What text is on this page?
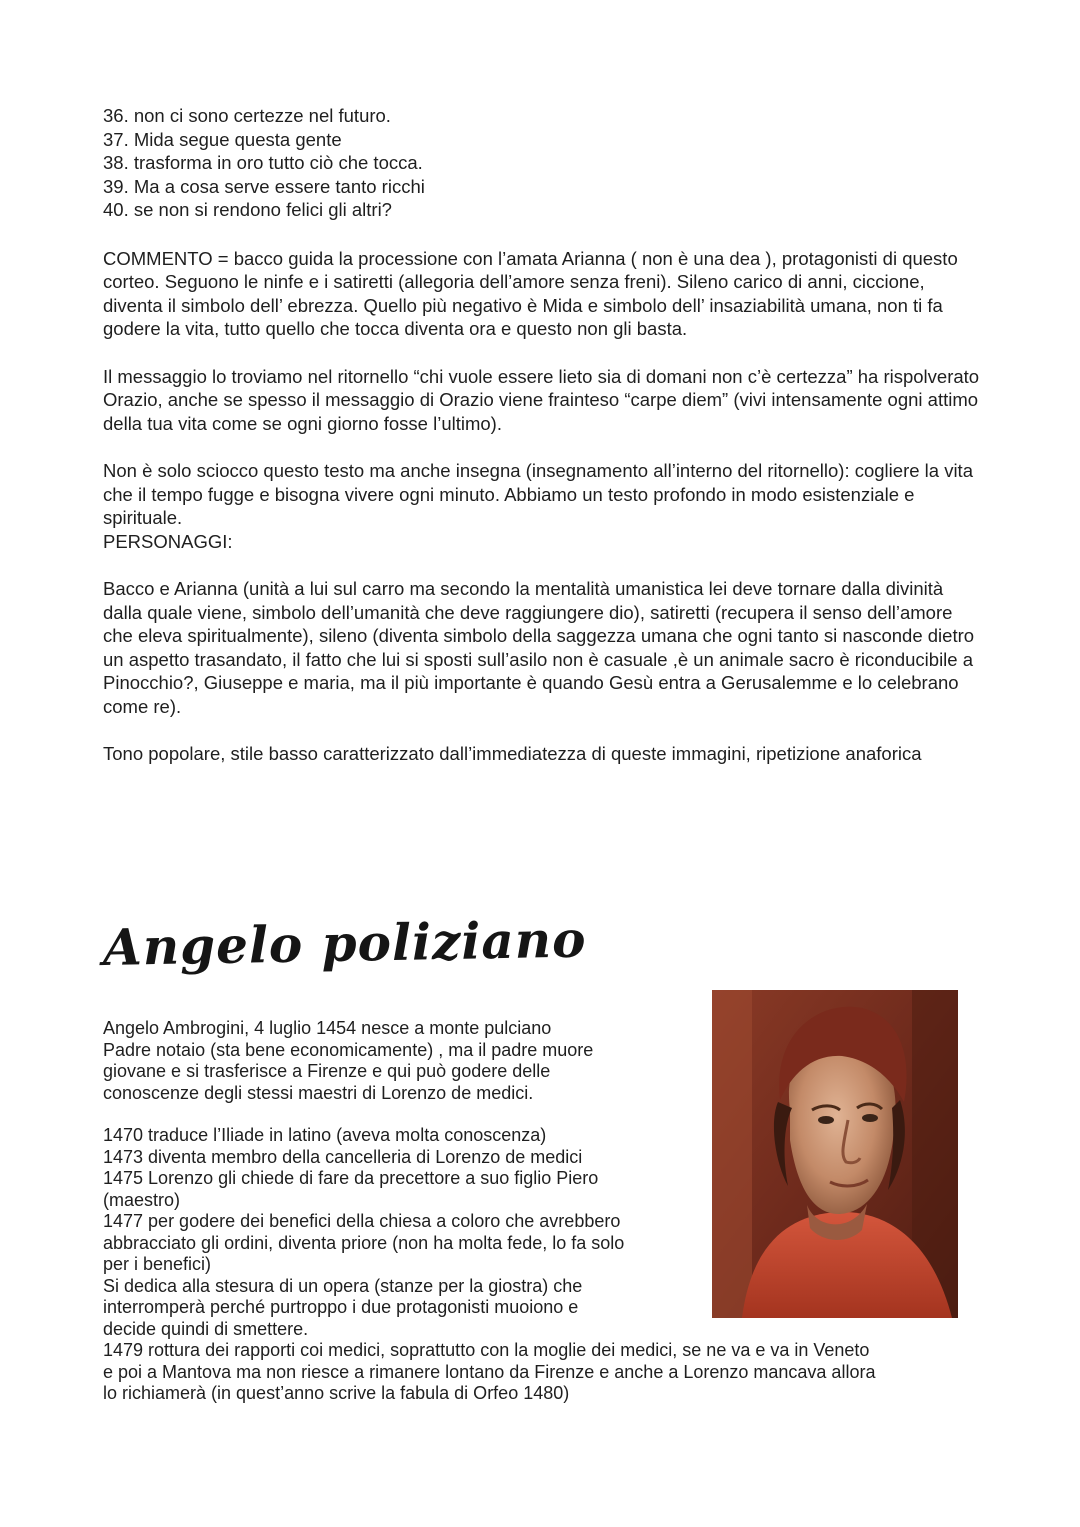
36. non ci sono certezze nel futuro.
37. Mida segue questa gente
38. trasforma in oro tutto ciò che tocca.
39. Ma a cosa serve essere tanto ricchi
40. se non si rendono felici gli altri?

COMMENTO = bacco guida la processione con l’amata Arianna ( non è una dea ), protagonisti di questo corteo. Seguono le ninfe e i satiretti (allegoria dell’amore senza freni). Sileno carico di anni, ciccione, diventa il simbolo dell’ ebrezza. Quello più negativo è Mida e simbolo dell’ insaziabilità umana, non ti fa godere la vita, tutto quello che tocca diventa ora e questo non gli basta.

Il messaggio lo troviamo nel ritornello “chi vuole essere lieto sia di domani non c’è certezza” ha rispolverato Orazio, anche se spesso il messaggio di Orazio viene frainteso “carpe diem” (vivi intensamente ogni attimo della tua vita come se ogni giorno fosse l’ultimo).

Non è solo sciocco questo testo ma anche insegna (insegnamento all’interno del ritornello): cogliere la vita che il tempo fugge e bisogna vivere ogni minuto. Abbiamo un testo profondo in modo esistenziale e spirituale.

PERSONAGGI:

Bacco e Arianna (unità a lui sul carro ma secondo la mentalità umanistica lei deve tornare dalla divinità dalla quale viene, simbolo dell’umanità che deve raggiungere dio), satiretti (recupera il senso dell’amore che eleva spiritualmente), sileno (diventa simbolo della saggezza umana che ogni tanto si nasconde dietro un aspetto trasandato, il fatto che lui si sposti sull’asilo non è casuale ,è un animale sacro è riconducibile a Pinocchio?, Giuseppe e maria, ma il più importante è quando Gesù entra a Gerusalemme e lo celebrano come re).

Tono popolare, stile basso caratterizzato dall’immediatezza di queste immagini, ripetizione anaforica

Angelo poliziano

Angelo Ambrogini, 4 luglio 1454 nesce a monte pulciano

Padre notaio (sta bene economicamente) , ma il padre muore

giovane e si trasferisce a Firenze e qui può godere delle

conoscenze degli stessi maestri di Lorenzo de medici.

1470 traduce l’Iliade in latino (aveva molta conoscenza)

1473 diventa membro della cancelleria di Lorenzo de medici

1475 Lorenzo gli chiede di fare da precettore a suo figlio Piero

(maestro)

1477 per godere dei benefici della chiesa a coloro che avrebbero

abbracciato gli ordini, diventa priore (non ha molta fede, lo fa solo

per i benefici)

Si dedica alla stesura di un opera (stanze per la giostra) che

interromperà perché purtroppo i due protagonisti muoiono e

decide quindi di smettere.

1479 rottura dei rapporti coi medici, soprattutto con la moglie dei medici, se ne va e va in Veneto

e poi a Mantova ma non riesce a rimanere lontano da Firenze e anche a Lorenzo mancava allora

lo richiamerà (in quest’anno scrive la fabula di Orfeo 1480)
